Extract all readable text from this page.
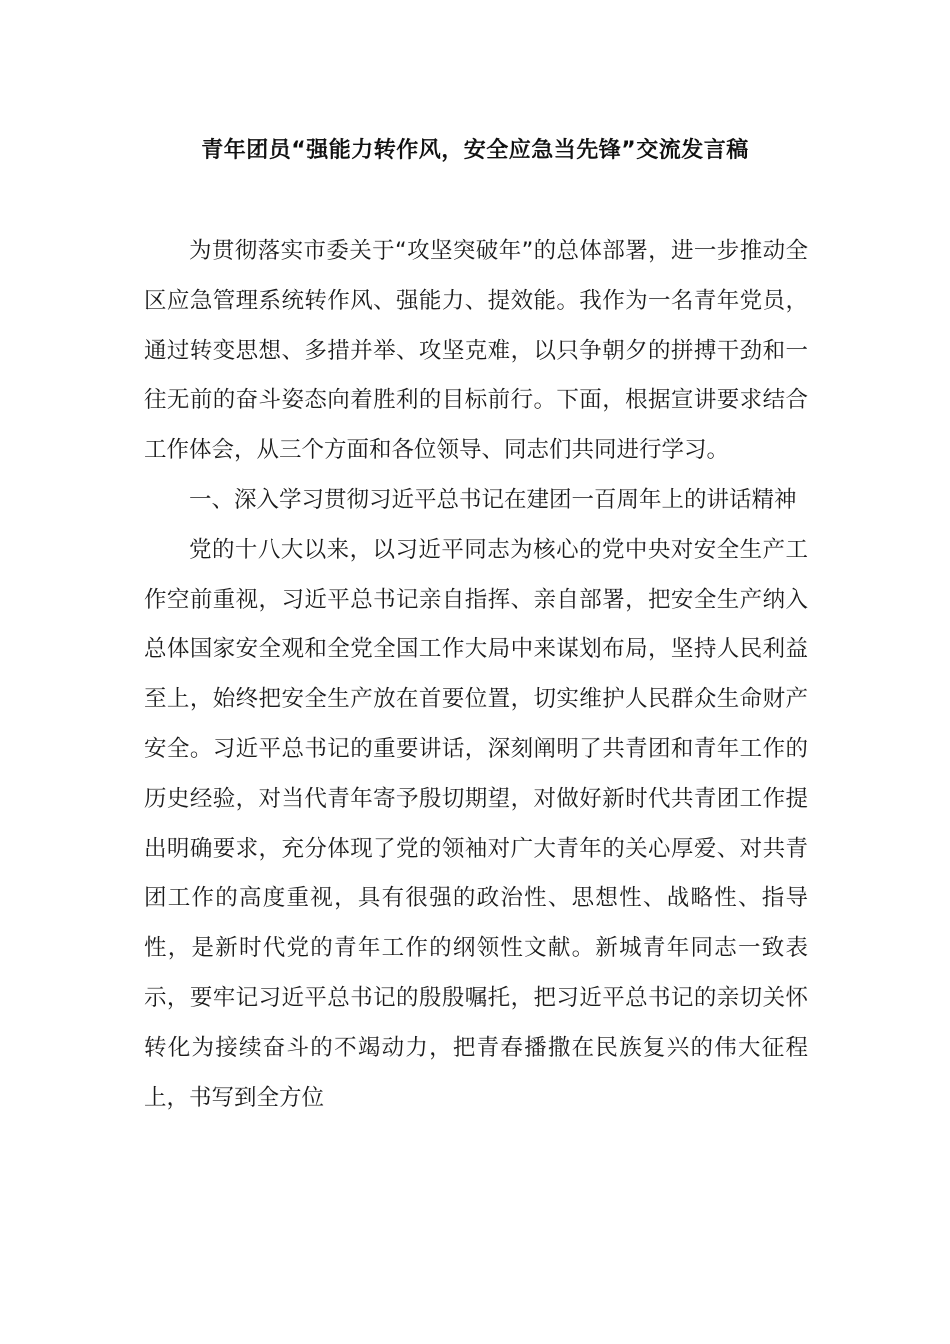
青年团员“强能力转作风，安全应急当先锋”交流发言稿

为贯彻落实市委关于“攻坚突破年”的总体部署，进一步推动全区应急管理系统转作风、强能力、提效能。我作为一名青年党员，通过转变思想、多措并举、攻坚克难，以只争朝夕的拼搏干劲和一往无前的奋斗姿态向着胜利的目标前行。下面，根据宣讲要求结合工作体会，从三个方面和各位领导、同志们共同进行学习。

一、深入学习贯彻习近平总书记在建团一百周年上的讲话精神

党的十八大以来，以习近平同志为核心的党中央对安全生产工作空前重视，习近平总书记亲自指挥、亲自部署，把安全生产纳入总体国家安全观和全党全国工作大局中来谋划布局，坚持人民利益至上，始终把安全生产放在首要位置，切实维护人民群众生命财产安全。习近平总书记的重要讲话，深刻阐明了共青团和青年工作的历史经验，对当代青年寄予殷切期望，对做好新时代共青团工作提出明确要求，充分体现了党的领袖对广大青年的关心厚爱、对共青团工作的高度重视，具有很强的政治性、思想性、战略性、指导性，是新时代党的青年工作的纲领性文献。新城青年同志一致表示，要牢记习近平总书记的殷殷嘱托，把习近平总书记的亲切关怀转化为接续奋斗的不竭动力，把青春播撒在民族复兴的伟大征程上，书写到全方位
